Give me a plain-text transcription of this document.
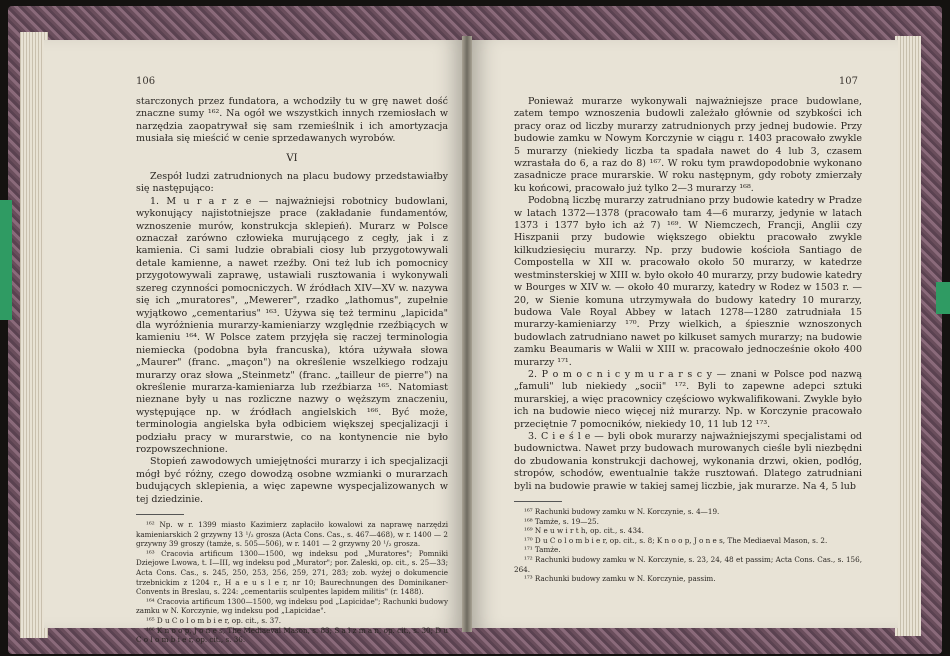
106

starczonych przez fundatora, a wchodziły tu w grę nawet dość znaczne sumy ¹⁶². Na ogół we wszystkich innych rzemiosłach w narzędzia zaopatrywał się sam rzemieślnik i ich amortyzacja musiała się mieścić w cenie sprzedawanych wyrobów.

VI

Zespół ludzi zatrudnionych na placu budowy przedstawiałby się następująco:

1. M u r a r z e — najważniejsi robotnicy budowlani, wykonujący najistotniejsze prace (zakładanie fundamentów, wznoszenie murów, konstrukcja sklepień). Murarz w Polsce oznaczał zarówno człowieka murującego z cegły, jak i z kamienia. Ci sami ludzie obrabiali ciosy lub przygotowywali detale kamienne, a nawet rzeźby. Oni też lub ich pomocnicy przygotowywali zaprawę, ustawiali rusztowania i wykonywali szereg czynności pomocniczych. W źródłach XIV—XV w. nazywa się ich „muratores", „Mewerer", rzadko „lathomus", zupełnie wyjątkowo „cementarius" ¹⁶³. Używa się też terminu „lapicida" dla wyróżnienia murarzy-kamieniarzy względnie rzeźbiących w kamieniu ¹⁶⁴. W Polsce zatem przyjęła się raczej terminologia niemiecka (podobna była francuska), która używała słowa „Maurer" (franc. „maçon") na określenie wszelkiego rodzaju murarzy oraz słowa „Steinmetz" (franc. „tailleur de pierre") na określenie murarza-kamieniarza lub rzeźbiarza ¹⁶⁵. Natomiast nieznane były u nas rozliczne nazwy o węższym znaczeniu, występujące np. w źródłach angielskich ¹⁶⁶. Być może, terminologia angielska była odbiciem większej specjalizacji i podziału pracy w murarstwie, co na kontynencie nie było rozpowszechnione.

Stopień zawodowych umiejętności murarzy i ich specjalizacji mógł być różny, czego dowodzą osobne wzmianki o murarzach budujących sklepienia, a więc zapewne wyspecjalizowanych w tej dziedzinie.

¹⁶² Np. w r. 1399 miasto Kazimierz zapłaciło kowalowi za naprawę narzędzi kamieniarskich 2 grzywny 13 ¹/₂ grosza (Acta Cons. Cas., s. 467—468), w r. 1400 — 2 grzywny 39 groszy (tamże, s. 505—506), w r. 1401 — 2 grzywny 20 ¹/₂ grosza.
¹⁶³ Cracovia artificum 1300—1500, wg indeksu pod „Muratores"; Pomniki Dziejowe Lwowa, t. I—III, wg indeksu pod „Murator"; por. Zaleski, op. cit., s. 25—33; Acta Cons. Cas., s. 245, 250, 253, 256, 259, 271, 283; zob. wyżej o dokumencie trzebnickim z 1204 r., H a e u s l e r, nr 10; Baurechnungen des Dominikaner-Convents in Breslau, s. 224: „cementariis sculpentes lapidem militis" (r. 1488).
¹⁶⁴ Cracovia artificum 1300—1500, wg indeksu pod „Lapicidae"; Rachunki budowy zamku w N. Korczynie, wg indeksu pod „Lapicidae".
¹⁶⁵ D u C o l o m b i e r, op. cit., s. 37.
¹⁶⁶ K n o o p, J o n e s, The Mediaeval Mason, s. 83; S a l z m a n, op. cit., s. 30; D u C o l o m b i e r, op. cit., s. 36.
107

Ponieważ murarze wykonywali najważniejsze prace budowlane, zatem tempo wznoszenia budowli zależało głównie od szybkości ich pracy oraz od liczby murarzy zatrudnionych przy jednej budowie. Przy budowie zamku w Nowym Korczynie w ciągu r. 1403 pracowało zwykle 5 murarzy (niekiedy liczba ta spadała nawet do 4 lub 3, czasem wzrastała do 6, a raz do 8) ¹⁶⁷. W roku tym prawdopodobnie wykonano zasadnicze prace murarskie. W roku następnym, gdy roboty zmierzały ku końcowi, pracowało już tylko 2—3 murarzy ¹⁶⁸.

Podobną liczbę murarzy zatrudniano przy budowie katedry w Pradze w latach 1372—1378 (pracowało tam 4—6 murarzy, jedynie w latach 1373 i 1377 było ich aż 7) ¹⁶⁹. W Niemczech, Francji, Anglii czy Hiszpanii przy budowie większego obiektu pracowało zwykle kilkudziesięciu murarzy. Np. przy budowie kościoła Santiago de Compostella w XII w. pracowało około 50 murarzy, w katedrze westminsterskiej w XIII w. było około 40 murarzy, przy budowie katedry w Bourges w XIV w. — około 40 murarzy, katedry w Rodez w 1503 r. — 20, w Sienie komuna utrzymywała do budowy katedry 10 murarzy, budowa Vale Royal Abbey w latach 1278—1280 zatrudniała 15 murarzy-kamieniarzy ¹⁷⁰. Przy wielkich, a śpiesznie wznoszonych budowlach zatrudniano nawet po kilkuset samych murarzy; na budowie zamku Beaumaris w Walii w XIII w. pracowało jednocześnie około 400 murarzy ¹⁷¹.

2. P o m o c n i c y m u r a r s c y — znani w Polsce pod nazwą „famuli" lub niekiedy „socii" ¹⁷². Byli to zapewne adepci sztuki murarskiej, a więc pracownicy częściowo wykwalifikowani. Zwykle było ich na budowie nieco więcej niż murarzy. Np. w Korczynie pracowało przeciętnie 7 pomocników, niekiedy 10, 11 lub 12 ¹⁷³.

3. C i e ś l e — byli obok murarzy najważniejszymi specjalistami od budownictwa. Nawet przy budowach murowanych cieśle byli niezbędni do zbudowania konstrukcji dachowej, wykonania drzwi, okien, podłóg, stropów, schodów, ewentualnie także rusztowań. Dlatego zatrudniani byli na budowie prawie w takiej samej liczbie, jak murarze. Na 4, 5 lub

¹⁶⁷ Rachunki budowy zamku w N. Korczynie, s. 4—19.
¹⁶⁸ Tamże, s. 19—25.
¹⁶⁹ N e u w i r t h, op. cit., s. 434.
¹⁷⁰ D u C o l o m b i e r, op. cit., s. 8; K n o o p, J o n e s, The Mediaeval Mason, s. 2.
¹⁷¹ Tamże.
¹⁷² Rachunki budowy zamku w N. Korczynie, s. 23, 24, 48 et passim; Acta Cons. Cas., s. 156, 264.
¹⁷³ Rachunki budowy zamku w N. Korczynie, passim.
